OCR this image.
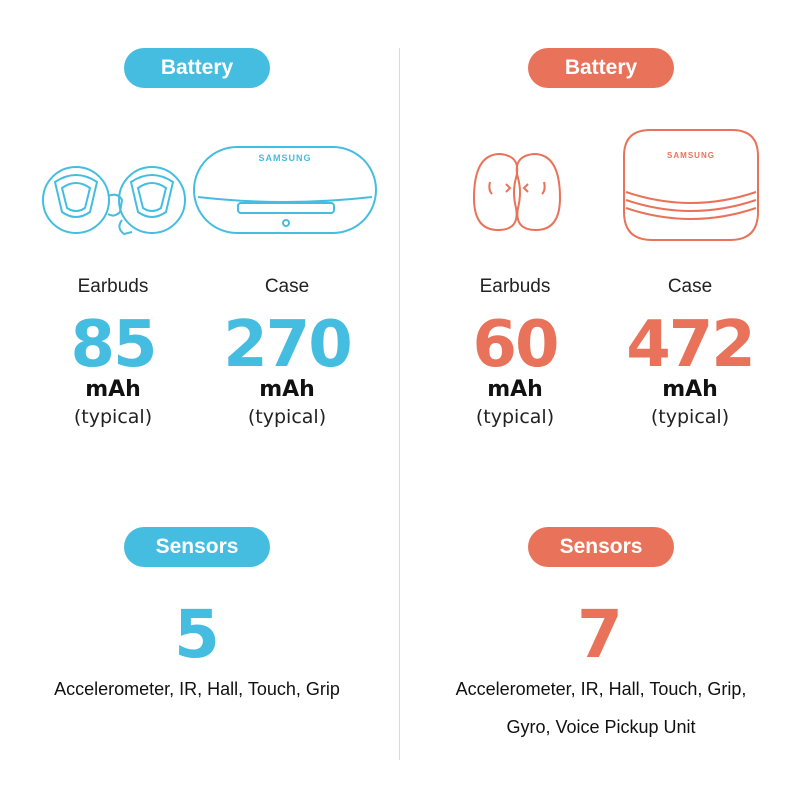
Battery
SAMSUNG
Earbuds	Case
85	270
mAh	mAh
(typical)	(typical)
Sensors
5
Accelerometer, IR, Hall, Touch, Grip
Battery
SAMSUNG
Earbuds	Case
60	472
mAh	mAh
(typical)	(typical)
Sensors
7
Accelerometer, IR, Hall, Touch, Grip,
Gyro, Voice Pickup Unit
